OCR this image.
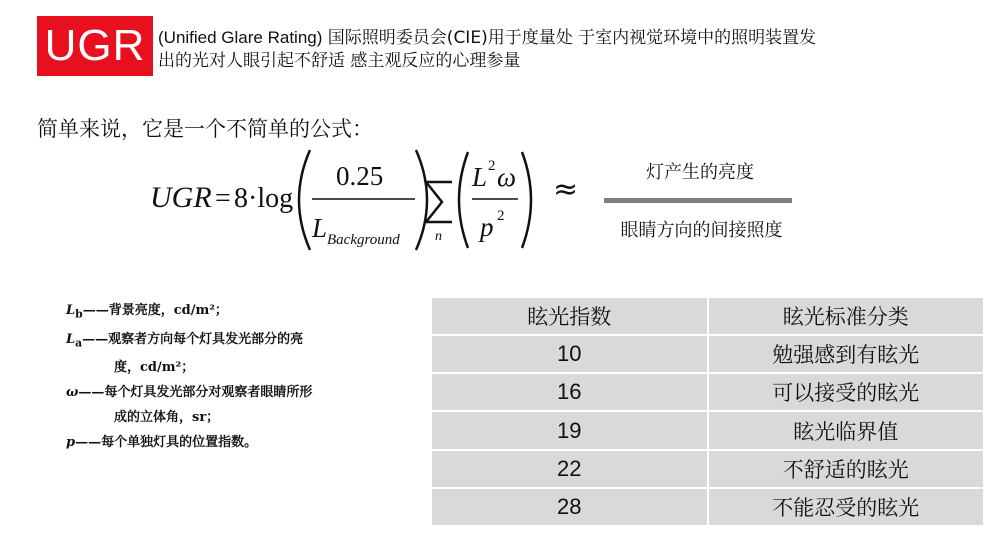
UGR (Unified Glare Rating) 国际照明委员会(CIE)用于度量处 于室内视觉环境中的照明装置发
出的光对人眼引起不舒适 感主观反应的心理参量
简单来说，它是一个不简单的公式：
UGR = 8·log
0.25
L Background	n
L 2 ω
p 2
≈	灯产生的亮度
眼睛方向的间接照度
$L_b——$背景亮度，cd/m²；
$L_a——$观察者方向每个灯具发光部分的亮
度，cd/m²；
ω——每个灯具发光部分对观察者眼睛所形
成的立体角，sr；
p——每个单独灯具的位置指数。
眩光指数	眩光标准分类
10	勉强感到有眩光
16	可以接受的眩光
19	眩光临界值
22	不舒适的眩光
28	不能忍受的眩光
